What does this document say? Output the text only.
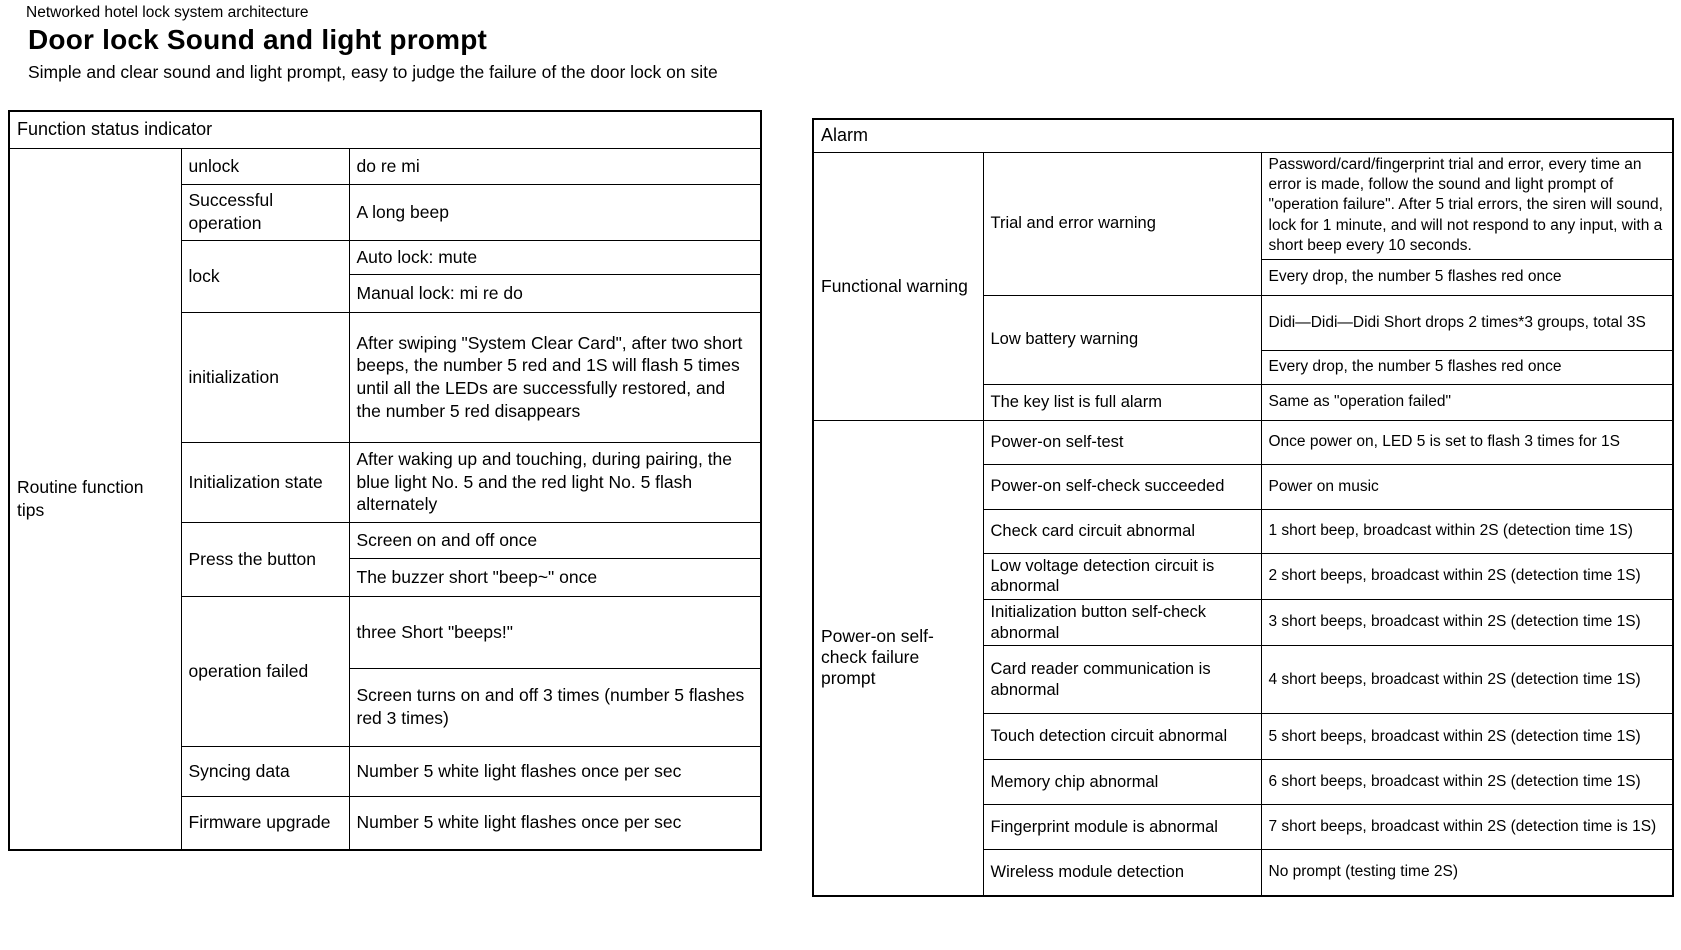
Networked hotel lock system architecture
Door lock Sound and light prompt
Simple and clear sound and light prompt, easy to judge the failure of the door lock on site
Function status indicator		
Routine function tips	unlock	do re mi
	Successful operation	A long beep
	lock	Auto lock: mute
		Manual lock: mi re do
	initialization	After swiping "System Clear Card", after two short beeps, the number 5 red and 1S will flash 5 times until all the LEDs are successfully restored, and the number 5 red disappears
	Initialization state	After waking up and touching, during pairing, the blue light No. 5 and the red light No. 5 flash alternately
	Press the button	Screen on and off once
		The buzzer short "beep~" once
	operation failed	three Short "beeps!"
		Screen turns on and off 3 times (number 5 flashes red 3 times)
	Syncing data	Number 5 white light flashes once per sec
	Firmware upgrade	Number 5 white light flashes once per sec
Alarm		
Functional warning	Trial and error warning	Password/card/fingerprint trial and error, every time an error is made, follow the sound and light prompt of "operation failure". After 5 trial errors, the siren will sound, lock for 1 minute, and will not respond to any input, with a short beep every 10 seconds.
		Every drop, the number 5 flashes red once
	Low battery warning	Didi—Didi—Didi Short drops 2 times*3 groups, total 3S
		Every drop, the number 5 flashes red once
	The key list is full alarm	Same as "operation failed"
Power-on self-check failure prompt	Power-on self-test	Once power on, LED 5 is set to flash 3 times for 1S
	Power-on self-check succeeded	Power on music
	Check card circuit abnormal	1 short beep, broadcast within 2S (detection time 1S)
	Low voltage detection circuit is abnormal	2 short beeps, broadcast within 2S (detection time 1S)
	Initialization button self-check abnormal	3 short beeps, broadcast within 2S (detection time 1S)
	Card reader communication is abnormal	4 short beeps, broadcast within 2S (detection time 1S)
	Touch detection circuit abnormal	5 short beeps, broadcast within 2S (detection time 1S)
	Memory chip abnormal	6 short beeps, broadcast within 2S (detection time 1S)
	Fingerprint module is abnormal	7 short beeps, broadcast within 2S (detection time is 1S)
	Wireless module detection	No prompt (testing time 2S)
